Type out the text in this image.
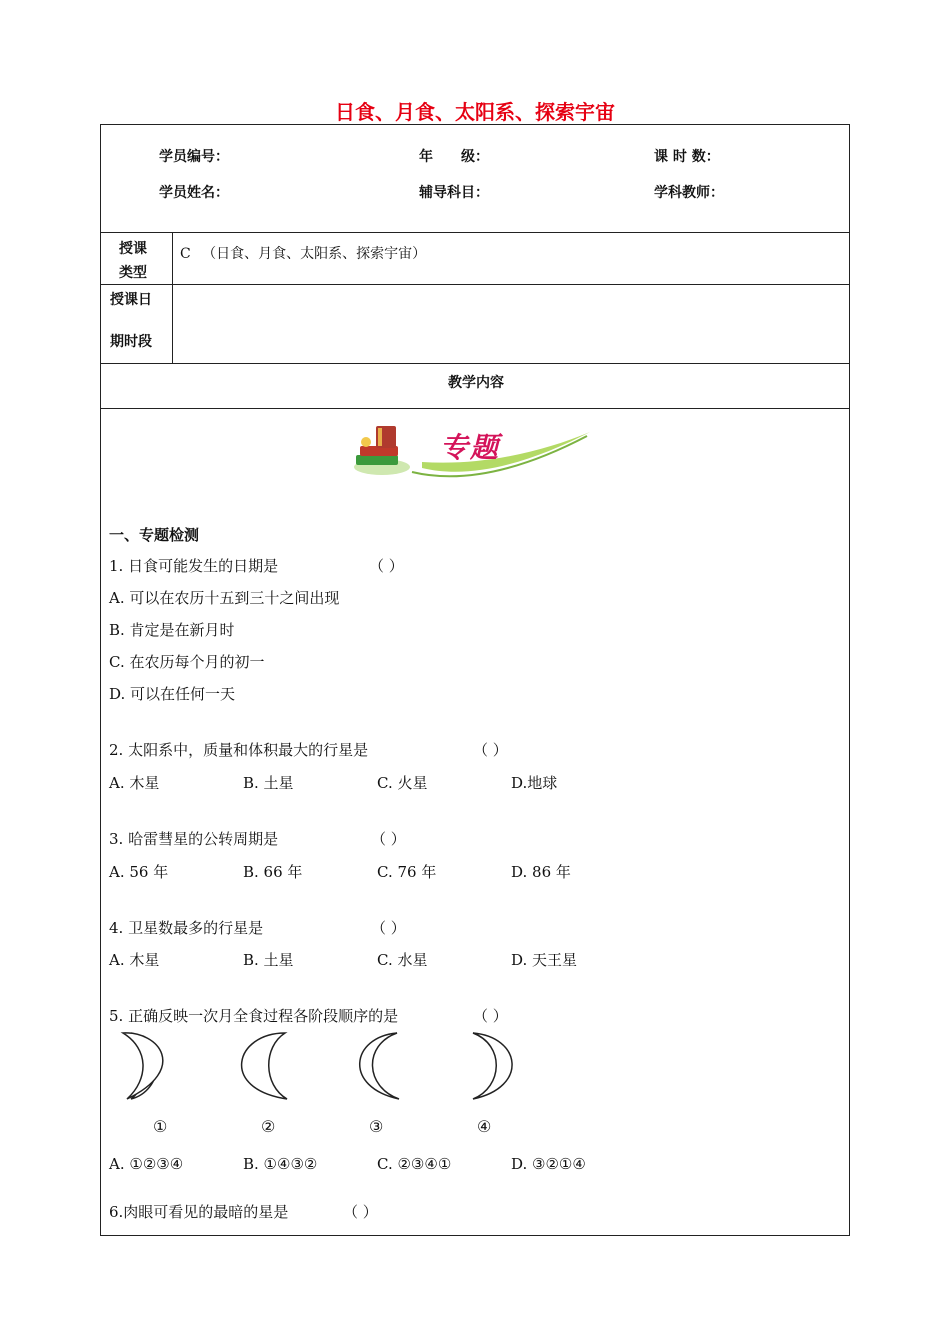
日食、月食、太阳系、探索宇宙
学员编号：	年　　级：	课 时 数：
学员姓名：	辅导科目：	学科教师：
授课
类型
C 　（日食、月食、太阳系、探索宇宙）
授课日
期时段
教学内容
专题
一、专题检测
1. 日食可能发生的日期是	（ ）
A. 可以在农历十五到三十之间出现
B. 肯定是在新月时
C. 在农历每个月的初一
D. 可以在任何一天
2. 太阳系中，质量和体积最大的行星是	（ ）
A. 木星	B. 土星	C. 火星	D.地球
3. 哈雷彗星的公转周期是	（ ）
A. 56 年	B. 66 年	C. 76 年	D. 86 年
4. 卫星数最多的行星是	（ ）
A. 木星	B. 土星	C. 水星	D. 天王星
5. 正确反映一次月全食过程各阶段顺序的是	（ ）
①	②	③	④
A. ①②③④	B. ①④③②	C. ②③④①	D. ③②①④
6.肉眼可看见的最暗的星是	（ ）
